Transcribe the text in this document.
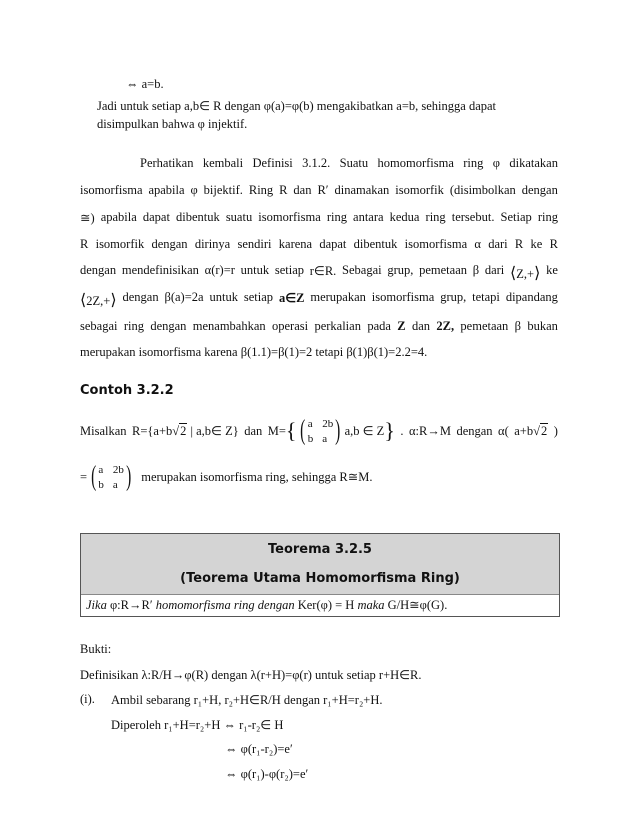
⇔ a=b.
Jadi untuk setiap a,b∈ R dengan φ(a)=φ(b) mengakibatkan a=b, sehingga dapat
disimpulkan bahwa φ injektif.
Perhatikan kembali Definisi 3.1.2. Suatu homomorfisma ring φ dikatakan
isomorfisma apabila φ bijektif. Ring R dan R′ dinamakan isomorfik (disimbolkan dengan
≅) apabila dapat dibentuk suatu isomorfisma ring antara kedua ring tersebut. Setiap ring
R isomorfik dengan dirinya sendiri karena dapat dibentuk isomorfisma α dari R ke R
dengan mendefinisikan α(r)=r untuk setiap r∈R. Sebagai grup, pemetaan β dari ⟨Z,+⟩ ke
⟨2Z,+⟩ dengan β(a)=2a untuk setiap a∈Z merupakan isomorfisma grup, tetapi dipandang
sebagai ring dengan menambahkan operasi perkalian pada Z dan 2Z, pemetaan β bukan
merupakan isomorfisma karena β(1.1)=β(1)=2 tetapi β(1)β(1)=2.2=4.
Contoh 3.2.2
Misalkan R={a+b√2 | a,b∈ Z} dan M= { ( a 2b
b a ) a,b ∈ Z } . α:R→M dengan α( a+b√2 )
= ( a 2b
b a ) merupakan isomorfisma ring, sehingga R≅M.
Teorema 3.2.5
(Teorema Utama Homomorfisma Ring)
Jika φ:R→R′ homomorfisma ring dengan Ker(φ) = H maka G/H≅φ(G).
Bukti:
Definisikan λ:R/H→φ(R) dengan λ(r+H)=φ(r) untuk setiap r+H∈R.
(i). Ambil sebarang r₁+H, r₂+H∈R/H dengan r₁+H=r₂+H.
Diperoleh r₁+H=r₂+H ⇔ r₁-r₂∈ H
⇔ φ(r₁-r₂)=e′
⇔ φ(r₁)-φ(r₂)=e′
